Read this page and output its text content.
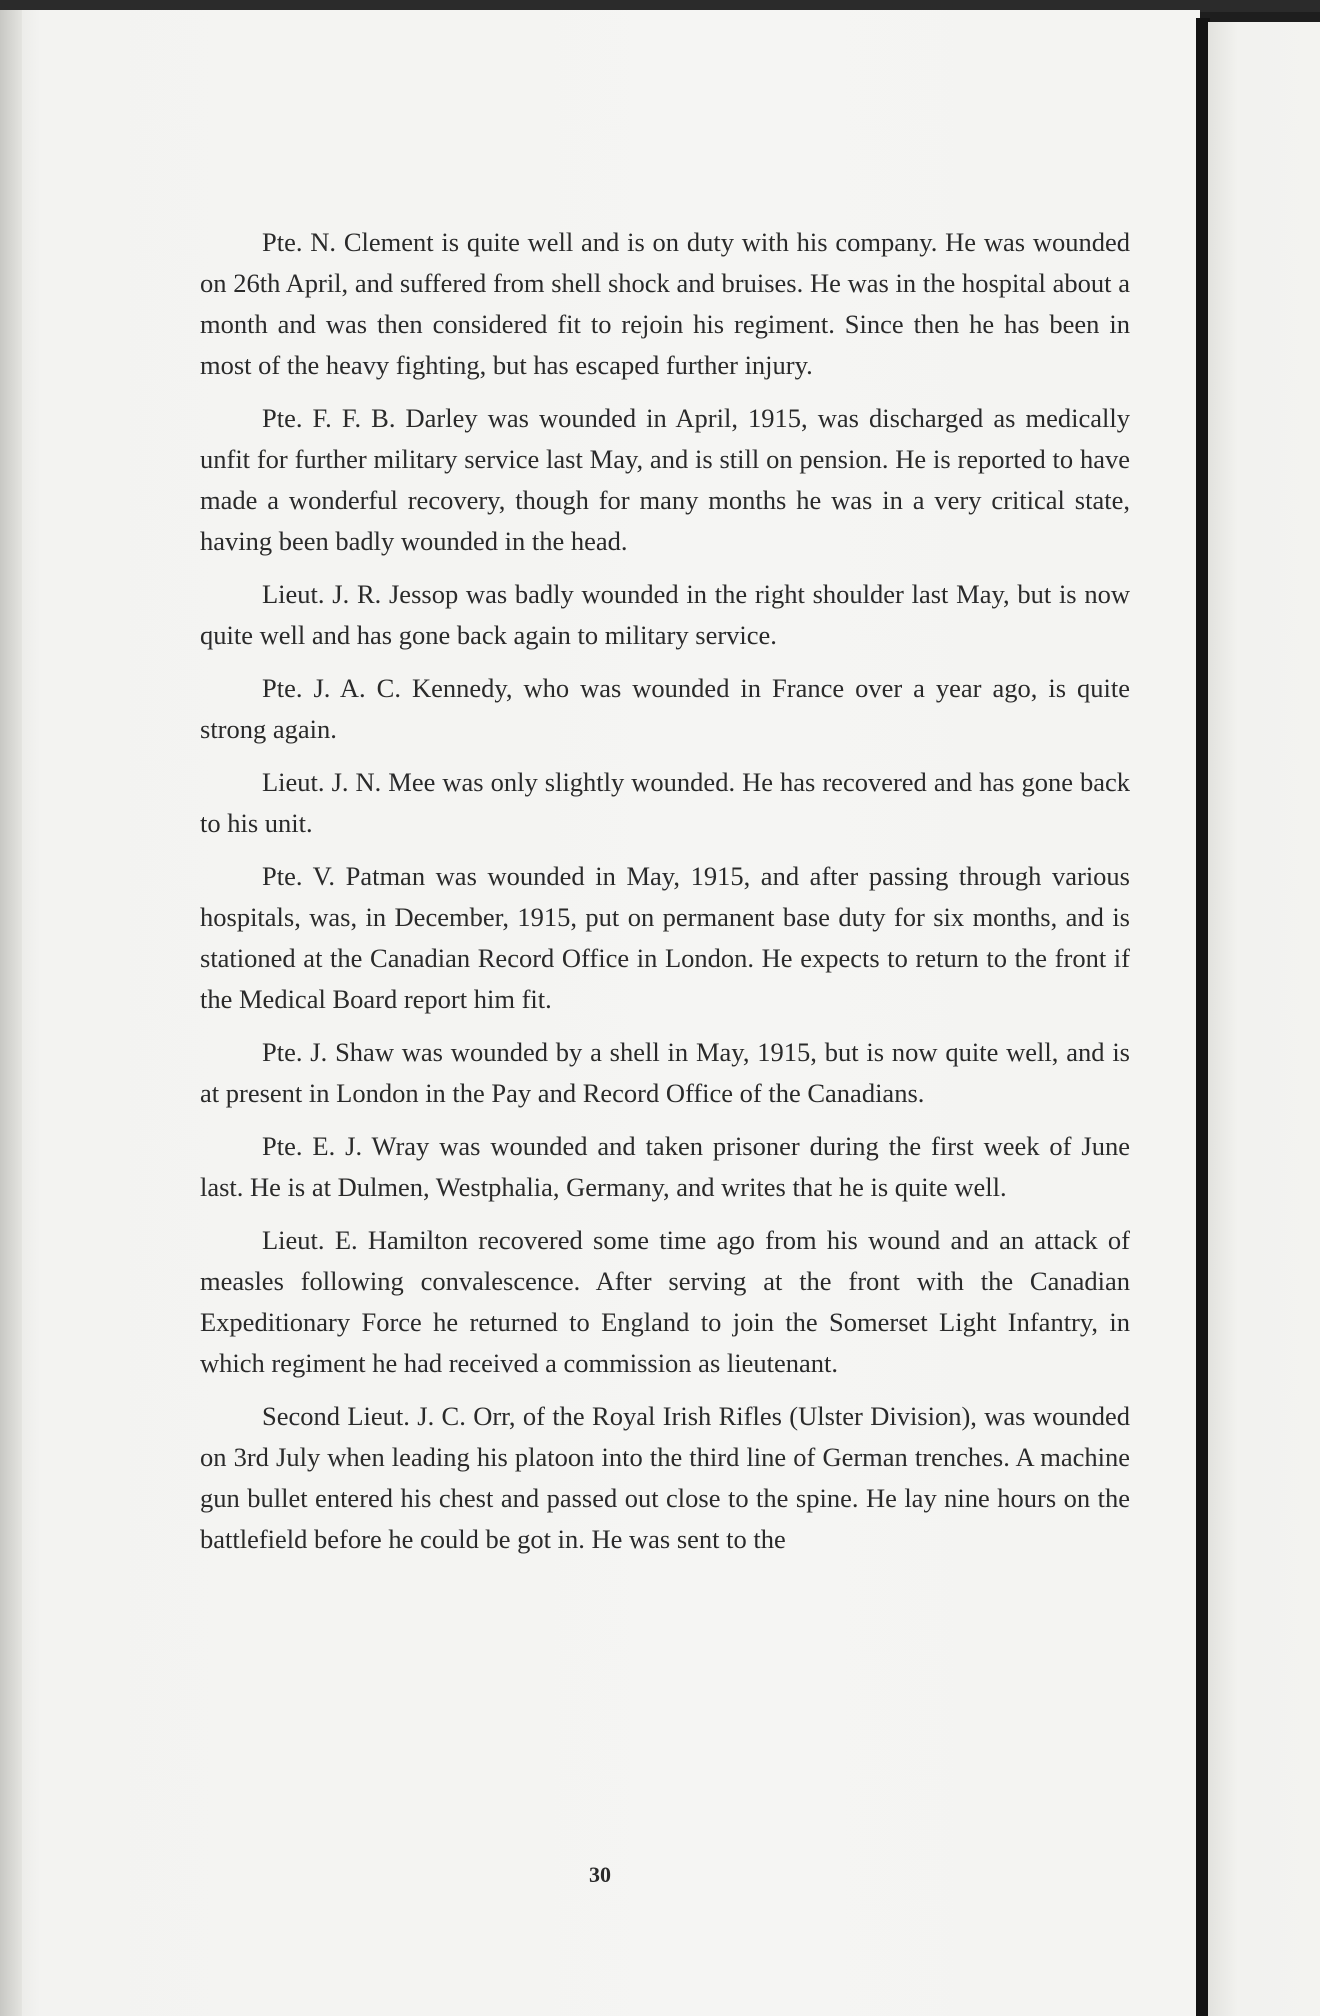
Pte. N. Clement is quite well and is on duty with his company. He was wounded on 26th April, and suffered from shell shock and bruises. He was in the hospital about a month and was then considered fit to rejoin his regiment. Since then he has been in most of the heavy fighting, but has escaped further injury.

Pte. F. F. B. Darley was wounded in April, 1915, was discharged as medically unfit for further military service last May, and is still on pension. He is reported to have made a wonderful recovery, though for many months he was in a very critical state, having been badly wounded in the head.

Lieut. J. R. Jessop was badly wounded in the right shoulder last May, but is now quite well and has gone back again to military service.

Pte. J. A. C. Kennedy, who was wounded in France over a year ago, is quite strong again.

Lieut. J. N. Mee was only slightly wounded. He has recovered and has gone back to his unit.

Pte. V. Patman was wounded in May, 1915, and after passing through various hospitals, was, in December, 1915, put on permanent base duty for six months, and is stationed at the Canadian Record Office in London. He expects to return to the front if the Medical Board report him fit.

Pte. J. Shaw was wounded by a shell in May, 1915, but is now quite well, and is at present in London in the Pay and Record Office of the Canadians.

Pte. E. J. Wray was wounded and taken prisoner during the first week of June last. He is at Dulmen, Westphalia, Germany, and writes that he is quite well.

Lieut. E. Hamilton recovered some time ago from his wound and an attack of measles following convalescence. After serving at the front with the Canadian Expeditionary Force he returned to England to join the Somerset Light Infantry, in which regiment he had received a commission as lieutenant.

Second Lieut. J. C. Orr, of the Royal Irish Rifles (Ulster Division), was wounded on 3rd July when leading his platoon into the third line of German trenches. A machine gun bullet entered his chest and passed out close to the spine. He lay nine hours on the battlefield before he could be got in. He was sent to the

30
